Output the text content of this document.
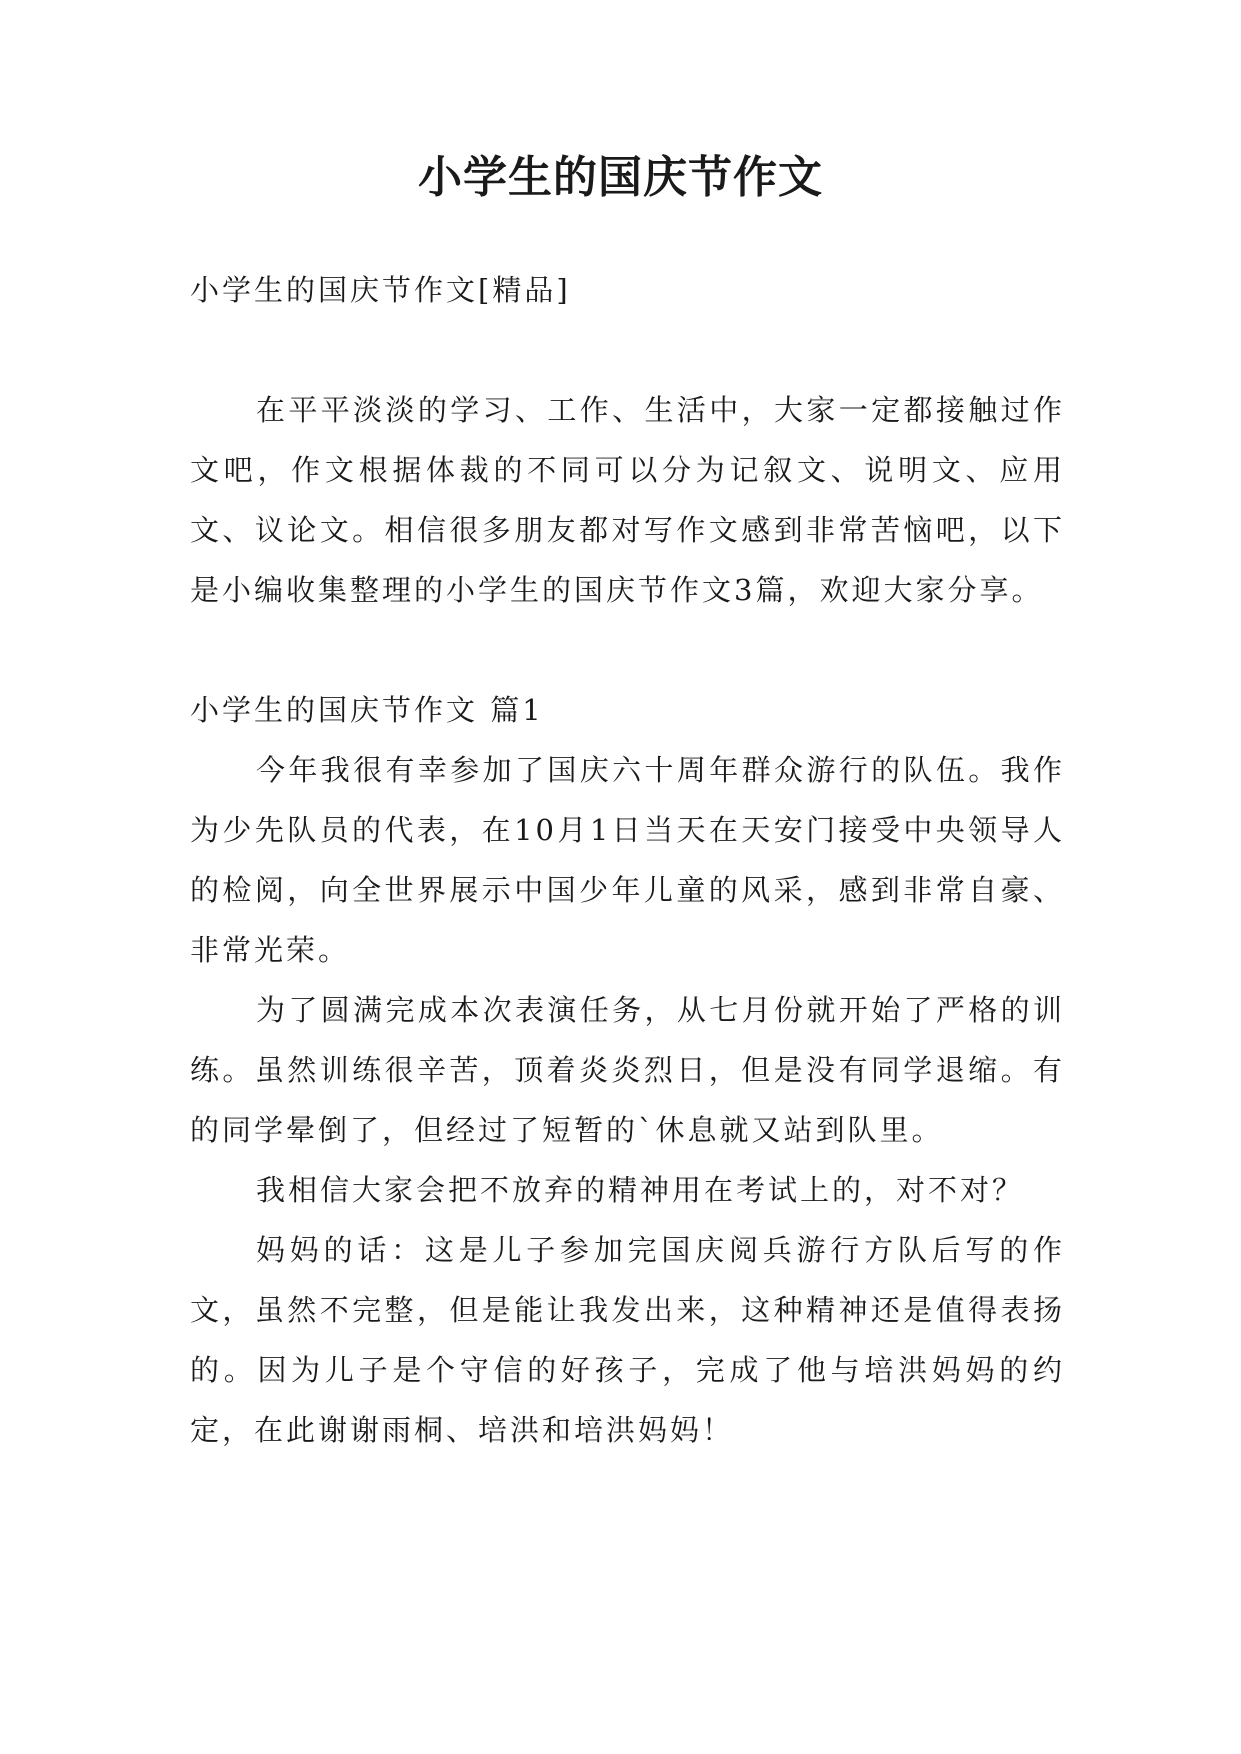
小学生的国庆节作文

小学生的国庆节作文[精品]

在平平淡淡的学习、工作、生活中，大家一定都接触过作文吧，作文根据体裁的不同可以分为记叙文、说明文、应用文、议论文。相信很多朋友都对写作文感到非常苦恼吧，以下是小编收集整理的小学生的国庆节作文3篇，欢迎大家分享。

小学生的国庆节作文 篇1

今年我很有幸参加了国庆六十周年群众游行的队伍。我作为少先队员的代表，在10月1日当天在天安门接受中央领导人的检阅，向全世界展示中国少年儿童的风采，感到非常自豪、非常光荣。

为了圆满完成本次表演任务，从七月份就开始了严格的训练。虽然训练很辛苦，顶着炎炎烈日，但是没有同学退缩。有的同学晕倒了，但经过了短暂的`休息就又站到队里。

我相信大家会把不放弃的精神用在考试上的，对不对？

妈妈的话：这是儿子参加完国庆阅兵游行方队后写的作文，虽然不完整，但是能让我发出来，这种精神还是值得表扬的。因为儿子是个守信的好孩子，完成了他与培洪妈妈的约定，在此谢谢雨桐、培洪和培洪妈妈！
